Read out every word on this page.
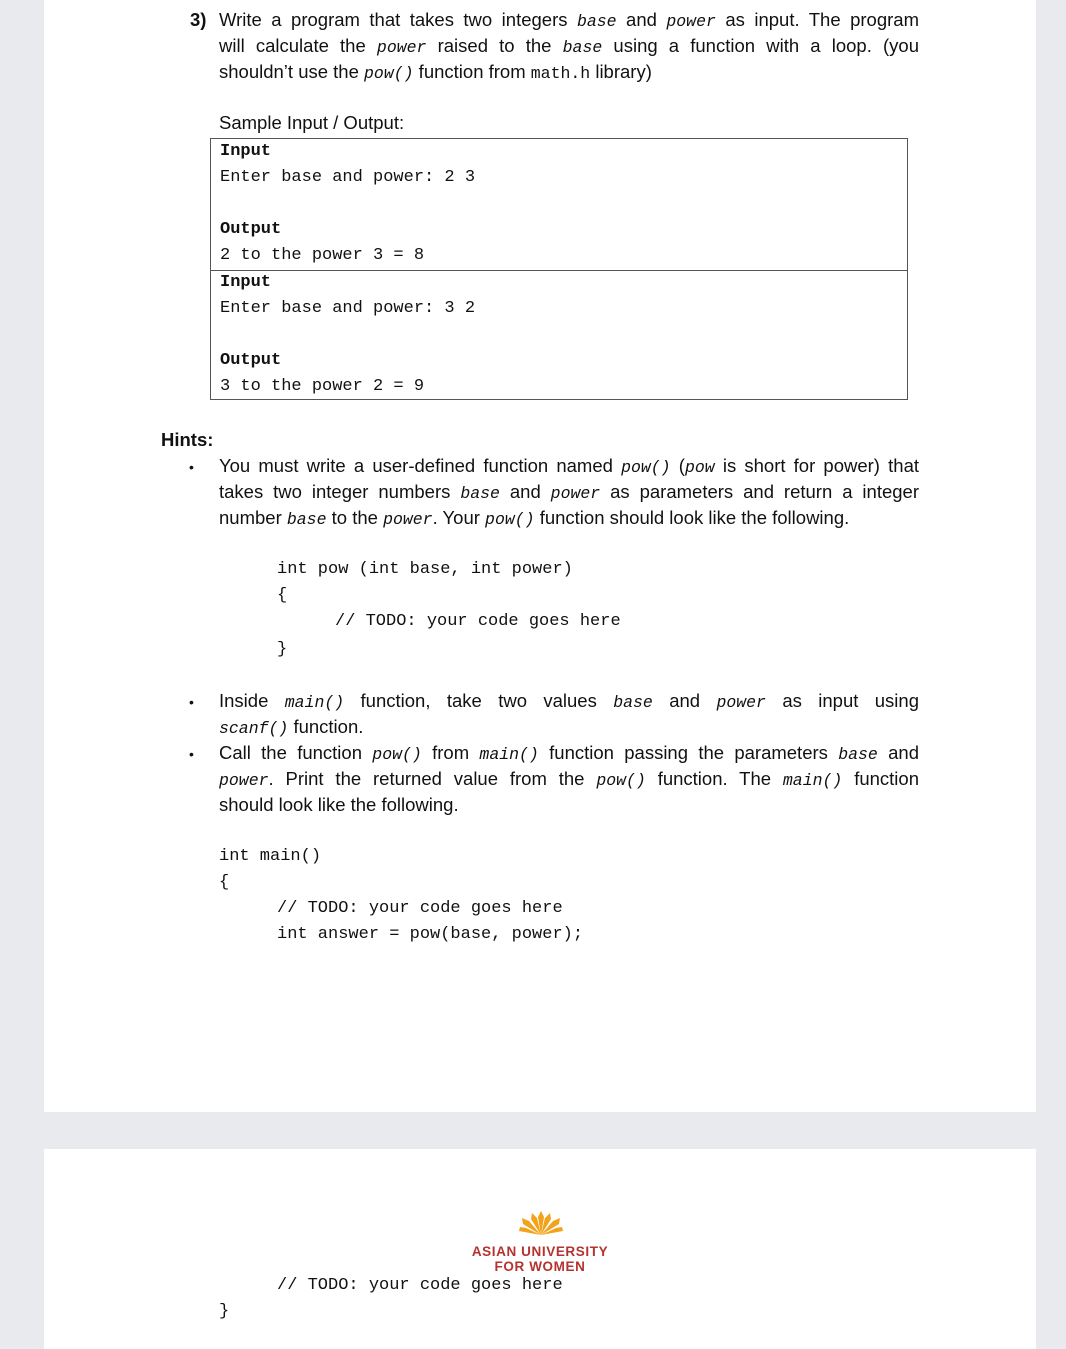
3) Write a program that takes two integers base and power as input. The program
will calculate the power raised to the base using a function with a loop. (you
shouldn’t use the pow() function from math.h library)
Sample Input / Output:
Input
Enter base and power: 2 3
Output
2 to the power 3 = 8
Input
Enter base and power: 3 2
Output
3 to the power 2 = 9
Hints:
• You must write a user-defined function named pow() (pow is short for power) that
takes two integer numbers base and power as parameters and return a integer
number base to the power. Your pow() function should look like the following.
int pow (int base, int power)
{
// TODO: your code goes here
}
• Inside main() function, take two values base and power as input using
scanf() function.
• Call the function pow() from main() function passing the parameters base and
power. Print the returned value from the pow() function. The main() function
should look like the following.
int main()
{
// TODO: your code goes here
int answer = pow(base, power);
ASIAN UNIVERSITY
FOR WOMEN
// TODO: your code goes here
}
